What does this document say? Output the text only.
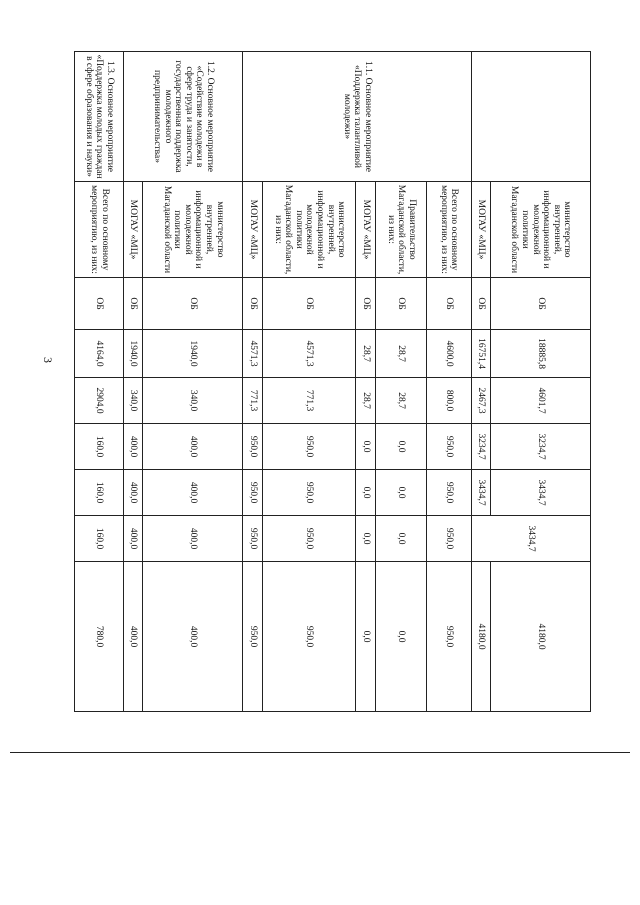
3
	министерство внутренней, информационной и молодежной политики Магаданской области	ОБ	18885,8	4601,7	3234,7	3434,7	3434,7	4180,0
	МОГАУ «МЦ»	ОБ	16751,4	2467,3	3234,7	3434,7		4180,0
1.1. Основное мероприятие «Поддержка талантливой молодежи»	Всего по основному мероприятию, из них:	ОБ	4600,0	800,0	950,0	950,0	950,0	950,0
	Правительство Магаданской области, из них:	ОБ	28,7	28,7	0,0	0,0	0,0	0,0
	МОГАУ «МЦ»	ОБ	28,7	28,7	0,0	0,0	0,0	0,0
	министерство внутренней, информационной и молодежной политики Магаданской области, из них:	ОБ	4571,3	771,3	950,0	950,0	950,0	950,0
	МОГАУ «МЦ»	ОБ	4571,3	771,3	950,0	950,0	950,0	950,0
1.2. Основное мероприятие «Содействие молодежи в сфере труда и занятости, государственная поддержка молодежного предпринимательства»	министерство внутренней, информационной и молодежной политики Магаданской области	ОБ	1940,0	340,0	400,0	400,0	400,0	400,0
	МОГАУ «МЦ»	ОБ	1940,0	340,0	400,0	400,0	400,0	400,0
1.3. Основное мероприятие «Поддержка молодых граждан в сфере образования и науки»	Всего по основному мероприятию, из них:	ОБ	4164,0	2904,0	160,0	160,0	160,0	780,0
